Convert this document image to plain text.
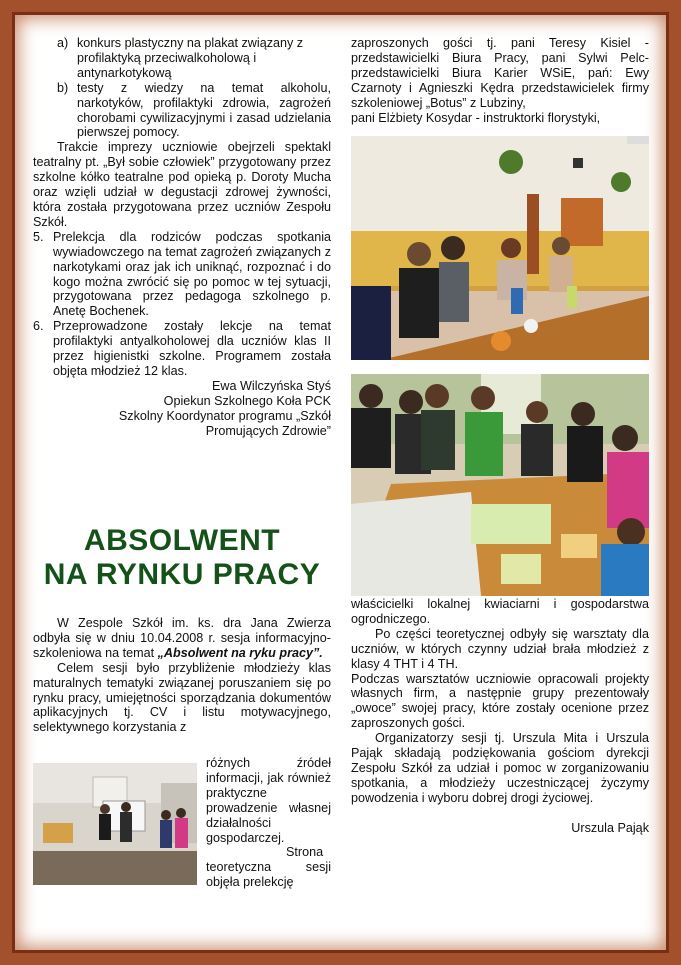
a) konkurs plastyczny na plakat związany z profilaktyką przeciwalkoholową i antynarkotykową
b) testy z wiedzy na temat alkoholu, narkotyków, profilaktyki zdrowia, zagrożeń chorobami cywilizacyjnymi i zasad udzielania pierwszej pomocy.

Trakcie imprezy uczniowie obejrzeli spektakl teatralny pt. „Był sobie człowiek” przygotowany przez szkolne kółko teatralne pod opieką p. Doroty Mucha oraz wzięli udział w degustacji zdrowej żywności, która została przygotowana przez uczniów Zespołu Szkół.

5. Prelekcja dla rodziców podczas spotkania wywiadowczego na temat zagrożeń związanych z narkotykami oraz jak ich uniknąć, rozpoznać i do kogo można zwrócić się po pomoc w tej sytuacji, przygotowana przez pedagoga szkolnego p. Anetę Bochenek.
6. Przeprowadzone zostały lekcje na temat profilaktyki antyalkoholowej dla uczniów klas II przez higienistki szkolne. Programem została objęta młodzież 12 klas.
Ewa Wilczyńska Styś
Opiekun Szkolnego Koła PCK
Szkolny Koordynator programu „Szkół Promujących Zdrowie”
ABSOLWENT
NA RYNKU PRACY

W Zespole Szkół im. ks. dra Jana Zwierza odbyła się w dniu 10.04.2008 r. sesja informacyjno-szkoleniowa na temat „Absolwent na ryku pracy”.

Celem sesji było przybliżenie młodzieży klas maturalnych tematyki związanej poruszaniem się po rynku pracy, umiejętności sporządzania dokumentów aplikacyjnych tj. CV i listu motywacyjnego, selektywnego korzystania z

różnych źródeł informacji, jak również praktyczne prowadzenie własnej działalności gospodarczej.

Strona teoretyczna sesji objęła prelekcję

zaproszonych gości tj. pani Teresy Kisiel - przedstawicielki Biura Pracy, pani Sylwi Pelc- przedstawicielki Biura Karier WSiE, pań: Ewy Czarnoty i Agnieszki Kędra przedstawicielek firmy szkoleniowej „Botus” z Lubziny,

pani Elżbiety Kosydar - instruktorki florystyki,

właścicielki lokalnej kwiaciarni i gospodarstwa ogrodniczego.

Po części teoretycznej odbyły się warsztaty dla uczniów, w których czynny udział brała młodzież z klasy 4 THT i 4 TH.

Podczas warsztatów uczniowie opracowali projekty własnych firm, a następnie grupy prezentowały „owoce” swojej pracy, które zostały ocenione przez zaproszonych gości.

Organizatorzy sesji tj. Urszula Mita i Urszula Pająk składają podziękowania gościom dyrekcji Zespołu Szkół za udział i pomoc w zorganizowaniu spotkania, a młodzieży uczestniczącej życzymy powodzenia i wyboru dobrej drogi życiowej.

Urszula Pająk
